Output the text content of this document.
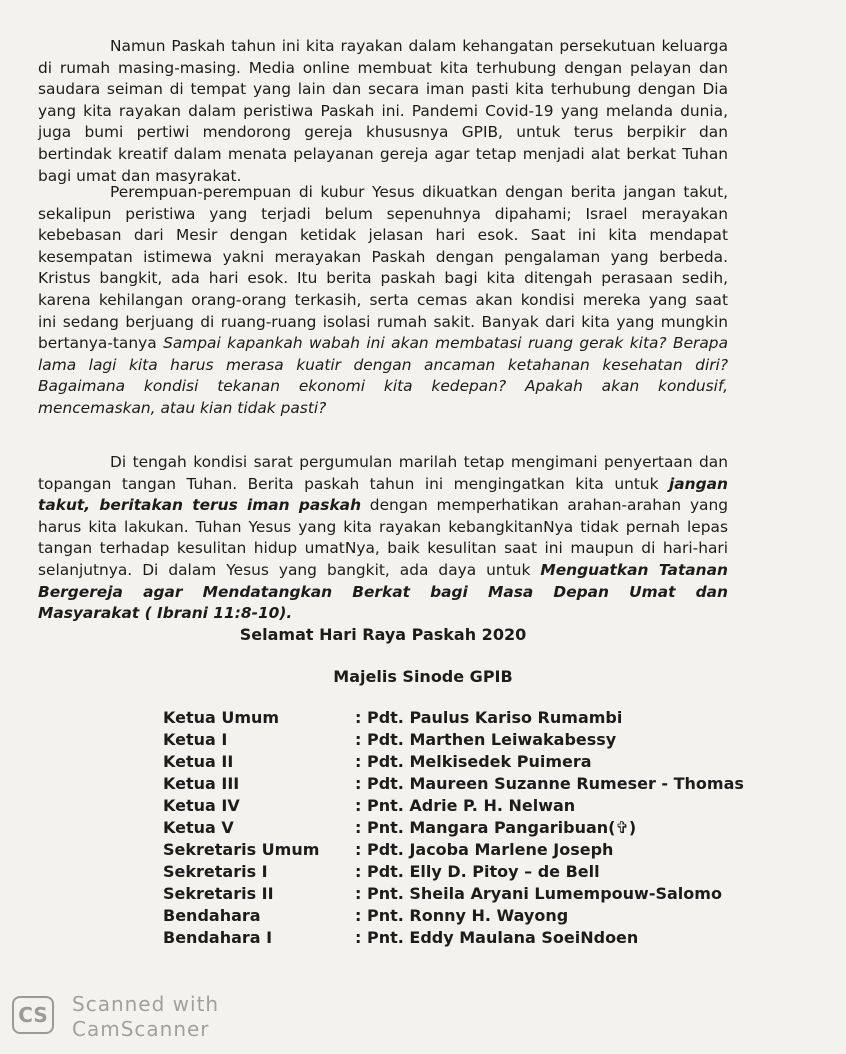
Namun Paskah tahun ini kita rayakan dalam kehangatan persekutuan keluarga
di rumah masing-masing. Media online membuat kita terhubung dengan pelayan dan
saudara seiman di tempat yang lain dan secara iman pasti kita terhubung dengan Dia
yang kita rayakan dalam peristiwa Paskah ini. Pandemi Covid-19 yang melanda dunia,
juga bumi pertiwi mendorong gereja khususnya GPIB, untuk terus berpikir dan
bertindak kreatif dalam menata pelayanan gereja agar tetap menjadi alat berkat Tuhan
bagi umat dan masyrakat.
Perempuan-perempuan di kubur Yesus dikuatkan dengan berita jangan takut,
sekalipun peristiwa yang terjadi belum sepenuhnya dipahami; Israel merayakan
kebebasan dari Mesir dengan ketidak jelasan hari esok. Saat ini kita mendapat
kesempatan istimewa yakni merayakan Paskah dengan pengalaman yang berbeda.
Kristus bangkit, ada hari esok. Itu berita paskah bagi kita ditengah perasaan sedih,
karena kehilangan orang-orang terkasih, serta cemas akan kondisi mereka yang saat
ini sedang berjuang di ruang-ruang isolasi rumah sakit. Banyak dari kita yang mungkin
bertanya-tanya Sampai kapankah wabah ini akan membatasi ruang gerak kita? Berapa
lama lagi kita harus merasa kuatir dengan ancaman ketahanan kesehatan diri?
Bagaimana kondisi tekanan ekonomi kita kedepan? Apakah akan kondusif,
mencemaskan, atau kian tidak pasti?
Di tengah kondisi sarat pergumulan marilah tetap mengimani penyertaan dan
topangan tangan Tuhan. Berita paskah tahun ini mengingatkan kita untuk jangan
takut, beritakan terus iman paskah dengan memperhatikan arahan-arahan yang
harus kita lakukan. Tuhan Yesus yang kita rayakan kebangkitanNya tidak pernah lepas
tangan terhadap kesulitan hidup umatNya, baik kesulitan saat ini maupun di hari-hari
selanjutnya. Di dalam Yesus yang bangkit, ada daya untuk Menguatkan Tatanan
Bergereja agar Mendatangkan Berkat bagi Masa Depan Umat dan
Masyarakat ( Ibrani 11:8-10).
Selamat Hari Raya Paskah 2020
Majelis Sinode GPIB
Ketua Umum	: Pdt. Paulus Kariso Rumambi
Ketua I	: Pdt. Marthen Leiwakabessy
Ketua II	: Pdt. Melkisedek Puimera
Ketua III	: Pdt. Maureen Suzanne Rumeser - Thomas
Ketua IV	: Pnt. Adrie P. H. Nelwan
Ketua V	: Pnt. Mangara Pangaribuan(✞)
Sekretaris Umum : Pdt. Jacoba Marlene Joseph
Sekretaris I	: Pdt. Elly D. Pitoy – de Bell
Sekretaris II	: Pnt. Sheila Aryani Lumempouw-Salomo
Bendahara	: Pnt. Ronny H. Wayong
Bendahara I	: Pnt. Eddy Maulana SoeiNdoen
CS	Scanned with
CamScanner
